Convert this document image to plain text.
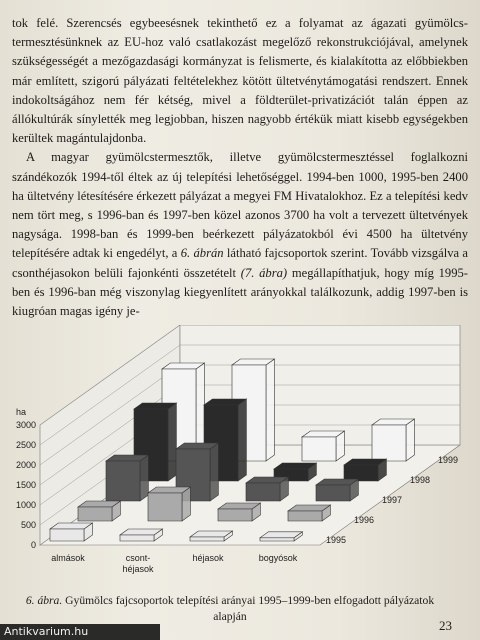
tok felé. Szerencsés egybeesésnek tekinthető ez a folyamat az ágazati gyümölcs-termesztésünknek az EU-hoz való csatlakozást megelőző rekonstrukciójával, amelynek szükségességét a mezőgazdasági kormányzat is felismerte, és kialakította az előbbiekben már említett, szigorú pályázati feltételekhez kötött ültetvénytámogatási rendszert. Ennek indokoltságához nem fér kétség, mivel a földterület-privatizációt talán éppen az állókultúrák sínylették meg legjobban, hiszen nagyobb értékük miatt kisebb egységekben kerültek magántulajdonba.

A magyar gyümölcstermesztők, illetve gyümölcstermesztéssel foglalkozni szándékozók 1994-től éltek az új telepítési lehetőséggel. 1994-ben 1000, 1995-ben 2400 ha ültetvény létesítésére érkezett pályázat a megyei FM Hivatalokhoz. Ez a telepítési kedv nem tört meg, s 1996-ban és 1997-ben közel azonos 3700 ha volt a tervezett ültetvények nagysága. 1998-ban és 1999-ben beérkezett pályázatokból évi 4500 ha ültetvény telepítésére adtak ki engedélyt, a 6. ábrán látható fajcsoportok szerint. Tovább vizsgálva a csonthéjasokon belüli fajonkénti összetételt (7. ábra) megállapíthatjuk, hogy míg 1995-ben és 1996-ban még viszonylag kiegyenlített arányokkal találkozunk, addig 1997-ben is kiugróan magas igény je-

0
500
1000
1500
2000
2500
3000
ha
1999
1998
1997
1996
1995
almások	csont-héjasok
héjasok	bogyósok
6. ábra. Gyümölcs fajcsoportok telepítési arányai 1995–1999-ben elfogadott pályázatok alapján
23
Antikvarium.hu
